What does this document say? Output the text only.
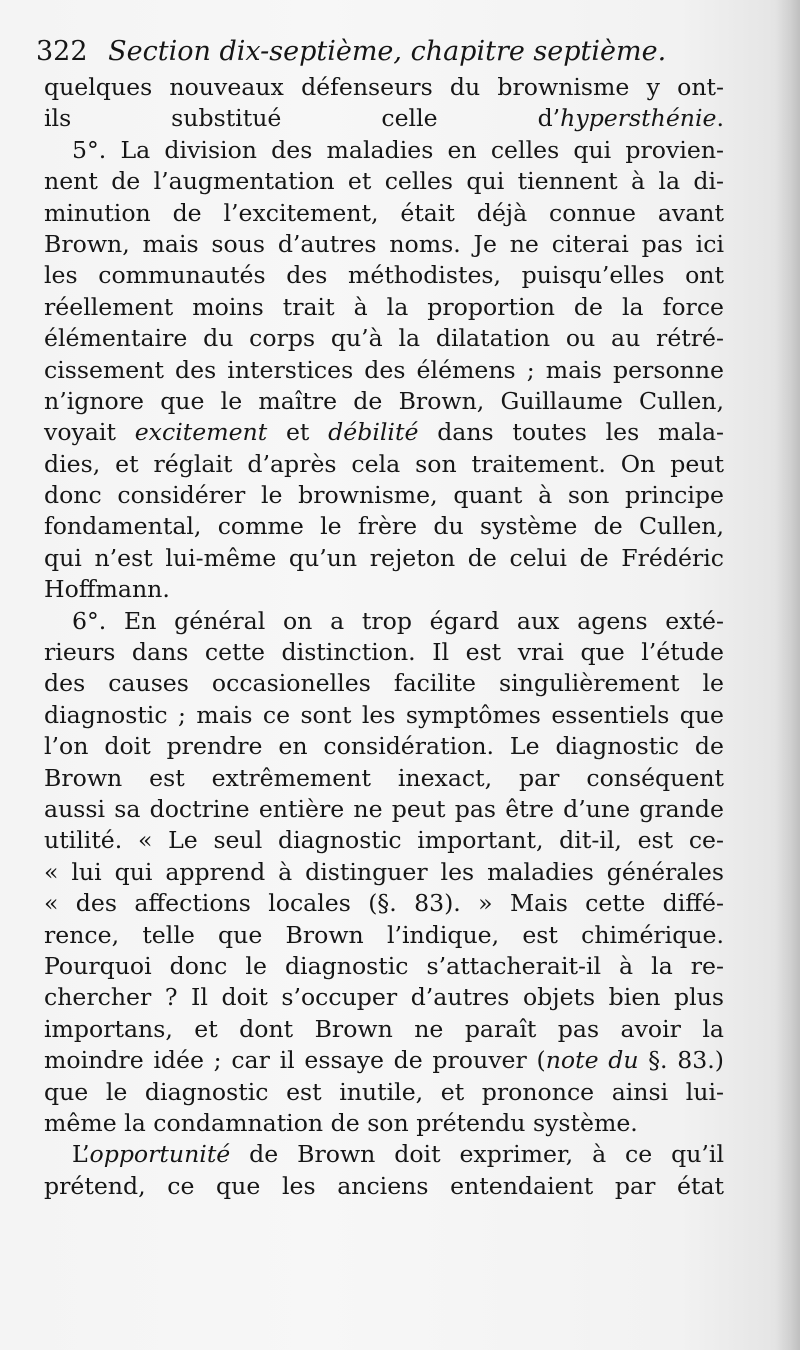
322 Section dix-septième, chapitre septième.
quelques nouveaux défenseurs du brownisme y ont-
ils substitué celle d’hypersthénie.
5°. La division des maladies en celles qui provien-
nent de l’augmentation et celles qui tiennent à la di-
minution de l’excitement, était déjà connue avant
Brown, mais sous d’autres noms. Je ne citerai pas ici
les communautés des méthodistes, puisqu’elles ont
réellement moins trait à la proportion de la force
élémentaire du corps qu’à la dilatation ou au rétré-
cissement des interstices des élémens ; mais personne
n’ignore que le maître de Brown, Guillaume Cullen,
voyait excitement et débilité dans toutes les mala-
dies, et réglait d’après cela son traitement. On peut
donc considérer le brownisme, quant à son principe
fondamental, comme le frère du système de Cullen,
qui n’est lui-même qu’un rejeton de celui de Frédéric
Hoffmann.
6°. En général on a trop égard aux agens exté-
rieurs dans cette distinction. Il est vrai que l’étude
des causes occasionelles facilite singulièrement le
diagnostic ; mais ce sont les symptômes essentiels que
l’on doit prendre en considération. Le diagnostic de
Brown est extrêmement inexact, par conséquent
aussi sa doctrine entière ne peut pas être d’une grande
utilité. « Le seul diagnostic important, dit-il, est ce-
« lui qui apprend à distinguer les maladies générales
« des affections locales (§. 83). » Mais cette diffé-
rence, telle que Brown l’indique, est chimérique.
Pourquoi donc le diagnostic s’attacherait-il à la re-
chercher ? Il doit s’occuper d’autres objets bien plus
importans, et dont Brown ne paraît pas avoir la
moindre idée ; car il essaye de prouver (note du §. 83.)
que le diagnostic est inutile, et prononce ainsi lui-
même la condamnation de son prétendu système.
L’opportunité de Brown doit exprimer, à ce qu’il
prétend, ce que les anciens entendaient par état
